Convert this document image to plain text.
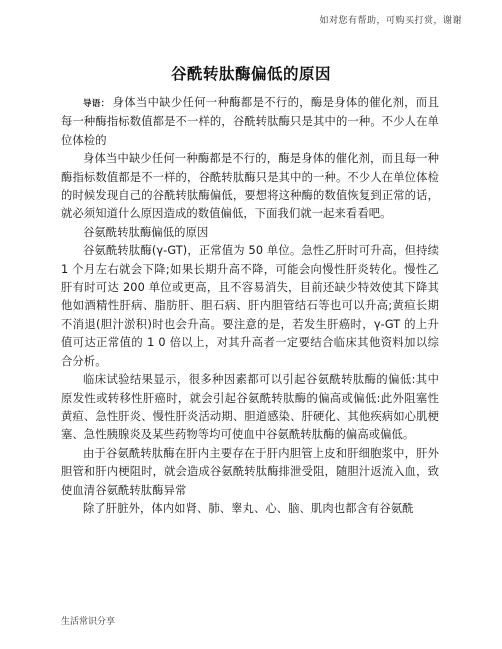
如对您有帮助，可购买打赏，谢谢
谷酰转肽酶偏低的原因

导语： 身体当中缺少任何一种酶都是不行的，酶是身体的催化剂，而且每一种酶指标数值都是不一样的，谷酰转肽酶只是其中的一种。不少人在单位体检的

身体当中缺少任何一种酶都是不行的，酶是身体的催化剂，而且每一种酶指标数值都是不一样的，谷酰转肽酶只是其中的一种。不少人在单位体检的时候发现自己的谷酰转肽酶偏低，要想将这种酶的数值恢复到正常的话，就必须知道什么原因造成的数值偏低，下面我们就一起来看看吧。

谷氨酰转肽酶偏低的原因

谷氨酰转肽酶(γ-GT)，正常值为 50 单位。急性乙肝时可升高，但持续 1 个月左右就会下降;如果长期升高不降，可能会向慢性肝炎转化。慢性乙肝有时可达 200 单位或更高，且不容易消失，目前还缺少特效使其下降其他如酒精性肝病、脂肪肝、胆石病、肝内胆管结石等也可以升高;黄疸长期不消退(胆汁淤积)时也会升高。要注意的是，若发生肝癌时，γ-GT 的上升值可达正常值的 1 0 倍以上，对其升高者一定要结合临床其他资料加以综合分析。

临床试验结果显示，很多种因素都可以引起谷氨酰转肽酶的偏低:其中原发性或转移性肝癌时，就会引起谷氨酰转肽酶的偏高或偏低:此外阻塞性黄疸、急性肝炎、慢性肝炎活动期、胆道感染、肝硬化、其他疾病如心肌梗塞、急性胰腺炎及某些药物等均可使血中谷氨酰转肽酶的偏高或偏低。

由于谷氨酰转肽酶在肝内主要存在于肝内胆管上皮和肝细胞浆中，肝外胆管和肝内梗阻时，就会造成谷氨酰转肽酶排泄受阻，随胆汁返流入血，致使血清谷氨酰转肽酶异常

除了肝脏外，体内如肾、肺、睾丸、心、脑、肌肉也都含有谷氨酰

生活常识分享
